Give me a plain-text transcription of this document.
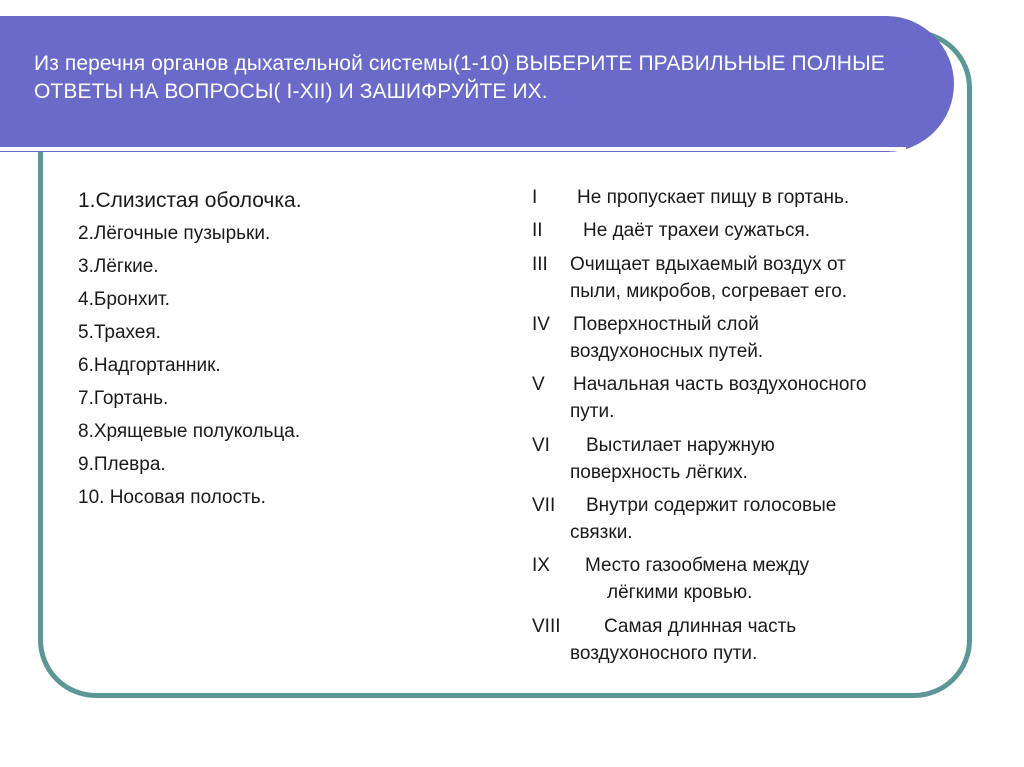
Из перечня органов дыхательной системы(1-10) ВЫБЕРИТЕ ПРАВИЛЬНЫЕ ПОЛНЫЕ ОТВЕТЫ НА ВОПРОСЫ( I-XII) И ЗАШИФРУЙТЕ ИХ.

1.Слизистая оболочка.
2.Лёгочные пузырьки.
3.Лёгкие.
4.Бронхит.
5.Трахея.
6.Надгортанник.
7.Гортань.
8.Хрящевые полукольца.
9.Плевра.
10. Носовая полость.
I Не пропускает пищу в гортань.
II Не даёт трахеи сужаться.
III Очищает вдыхаемый воздух от
пыли, микробов, согревает его.
IV Поверхностный слой
воздухоносных путей.
V Начальная часть воздухоносного
пути.
VI Выстилает наружную
поверхность лёгких.
VII Внутри содержит голосовые
связки.
IX Место газообмена между
лёгкими кровью.
VIII Самая длинная часть
воздухоносного пути.
